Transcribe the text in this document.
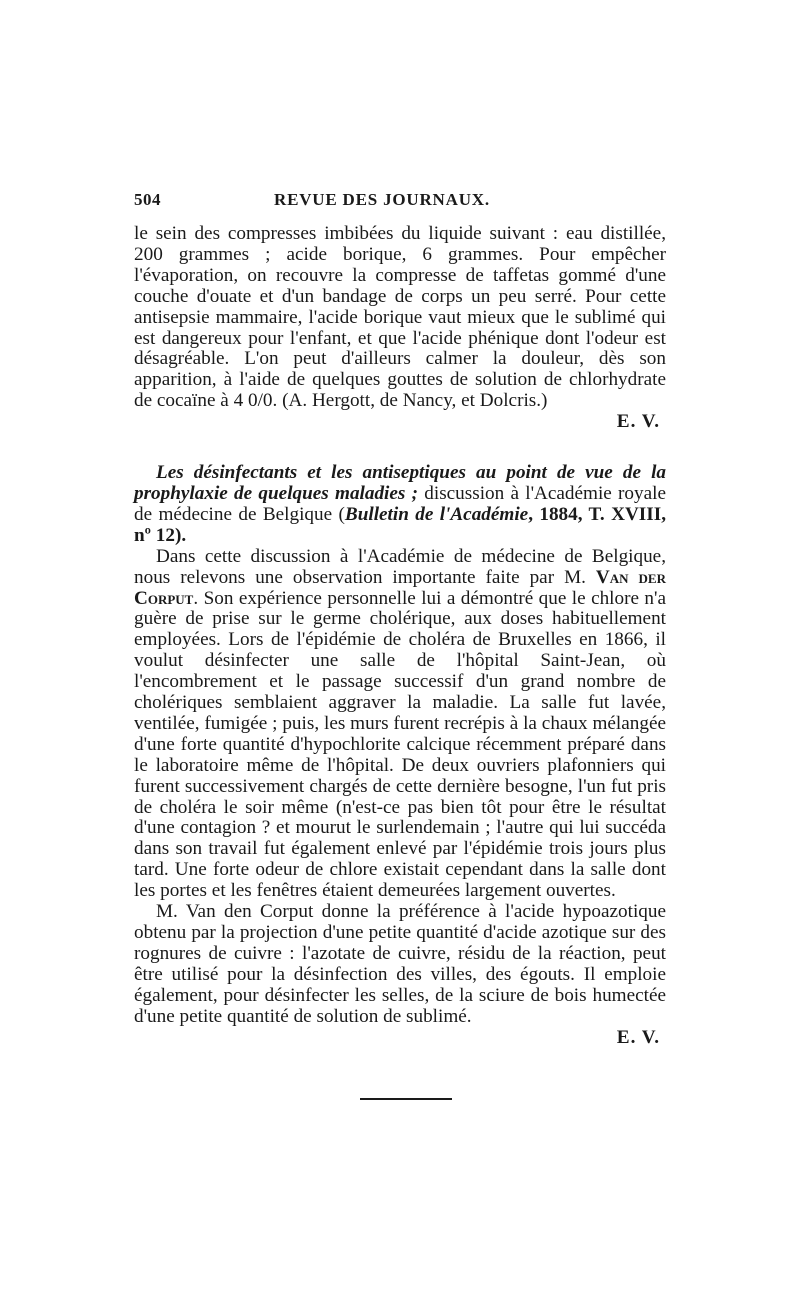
504	REVUE DES JOURNAUX.

le sein des compresses imbibées du liquide suivant : eau distillée, 200 grammes ; acide borique, 6 grammes. Pour empêcher l'évaporation, on recouvre la compresse de taffetas gommé d'une couche d'ouate et d'un bandage de corps un peu serré. Pour cette antisepsie mammaire, l'acide borique vaut mieux que le sublimé qui est dangereux pour l'enfant, et que l'acide phénique dont l'odeur est désagréable. L'on peut d'ailleurs calmer la douleur, dès son apparition, à l'aide de quelques gouttes de solution de chlorhydrate de cocaïne à 4 0/0. (A. Hergott, de Nancy, et Dolcris.)

E. V.

Les désinfectants et les antiseptiques au point de vue de la prophylaxie de quelques maladies ; discussion à l'Académie royale de médecine de Belgique (Bulletin de l'Académie, 1884, T. XVIII, nº 12).

Dans cette discussion à l'Académie de médecine de Belgique, nous relevons une observation importante faite par M. Van der Corput. Son expérience personnelle lui a démontré que le chlore n'a guère de prise sur le germe cholérique, aux doses habituellement employées. Lors de l'épidémie de choléra de Bruxelles en 1866, il voulut désinfecter une salle de l'hôpital Saint-Jean, où l'encombrement et le passage successif d'un grand nombre de cholériques semblaient aggraver la maladie. La salle fut lavée, ventilée, fumigée ; puis, les murs furent recrépis à la chaux mélangée d'une forte quantité d'hypochlorite calcique récemment préparé dans le laboratoire même de l'hôpital. De deux ouvriers plafonniers qui furent successivement chargés de cette dernière besogne, l'un fut pris de choléra le soir même (n'est-ce pas bien tôt pour être le résultat d'une contagion ? et mourut le surlendemain ; l'autre qui lui succéda dans son travail fut également enlevé par l'épidémie trois jours plus tard. Une forte odeur de chlore existait cependant dans la salle dont les portes et les fenêtres étaient demeurées largement ouvertes.

M. Van den Corput donne la préférence à l'acide hypoazotique obtenu par la projection d'une petite quantité d'acide azotique sur des rognures de cuivre : l'azotate de cuivre, résidu de la réaction, peut être utilisé pour la désinfection des villes, des égouts. Il emploie également, pour désinfecter les selles, de la sciure de bois humectée d'une petite quantité de solution de sublimé.

E. V.
